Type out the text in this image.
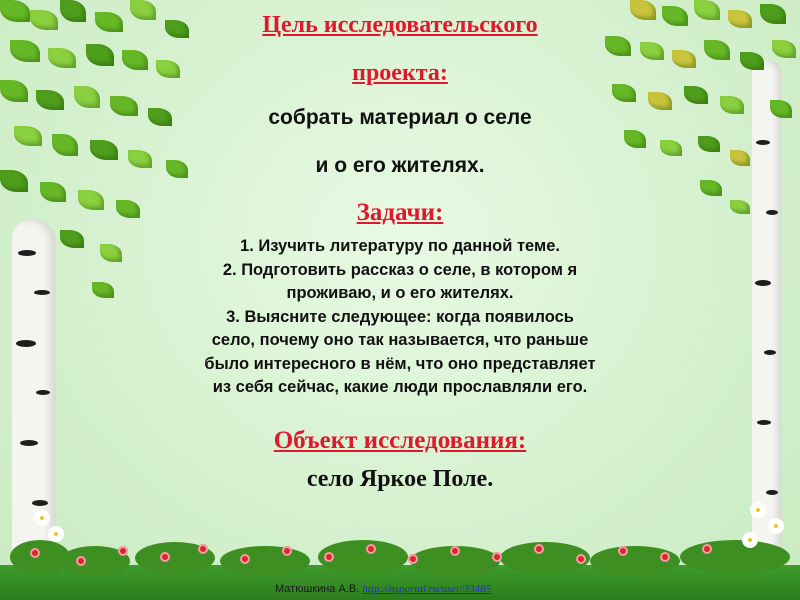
Цель исследовательского

проекта:

собрать материал о селе

и о его жителях.

Задачи:

1. Изучить литературу по данной теме.
2. Подготовить рассказ о селе, в котором я
проживаю, и о его жителях.
3. Выясните следующее: когда появилось
село, почему оно так называется, что раньше
было интересного в нём, что оно представляет
из себя сейчас, какие люди прославляли его.

Объект исследования:

село Яркое Поле.

Матюшкина А.В. http://nsportal.ru/user/33485
